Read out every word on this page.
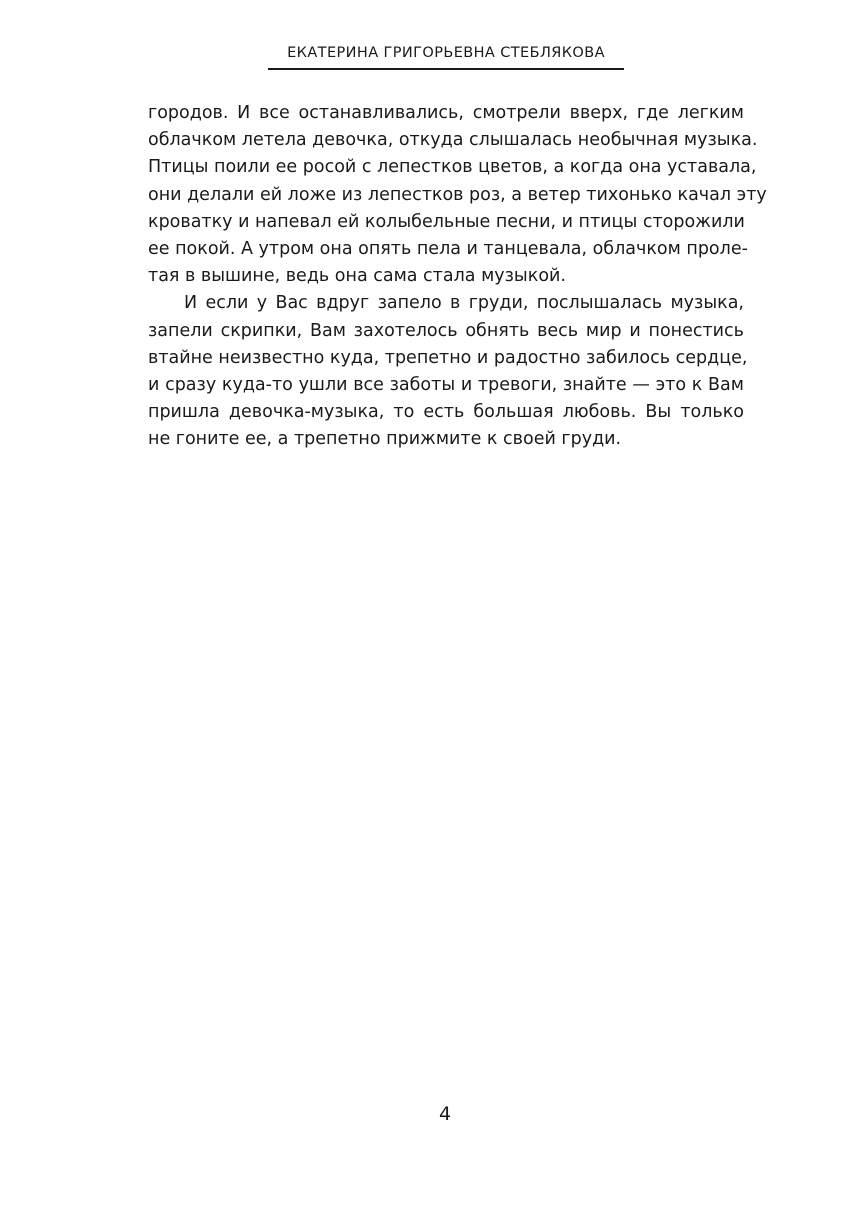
ЕКАТЕРИНА ГРИГОРЬЕВНА СТЕБЛЯКОВА
городов. И все останавливались, смотрели вверх, где легким
облачком летела девочка, откуда слышалась необычная музыка.
Птицы поили ее росой с лепестков цветов, а когда она уставала,
они делали ей ложе из лепестков роз, а ветер тихонько качал эту
кроватку и напевал ей колыбельные песни, и птицы сторожили
ее покой. А утром она опять пела и танцевала, облачком проле-
тая в вышине, ведь она сама стала музыкой.
И если у Вас вдруг запело в груди, послышалась музыка,
запели скрипки, Вам захотелось обнять весь мир и понестись
втайне неизвестно куда, трепетно и радостно забилось сердце,
и сразу куда-то ушли все заботы и тревоги, знайте — это к Вам
пришла девочка-музыка, то есть большая любовь. Вы только
не гоните ее, а трепетно прижмите к своей груди.
4
